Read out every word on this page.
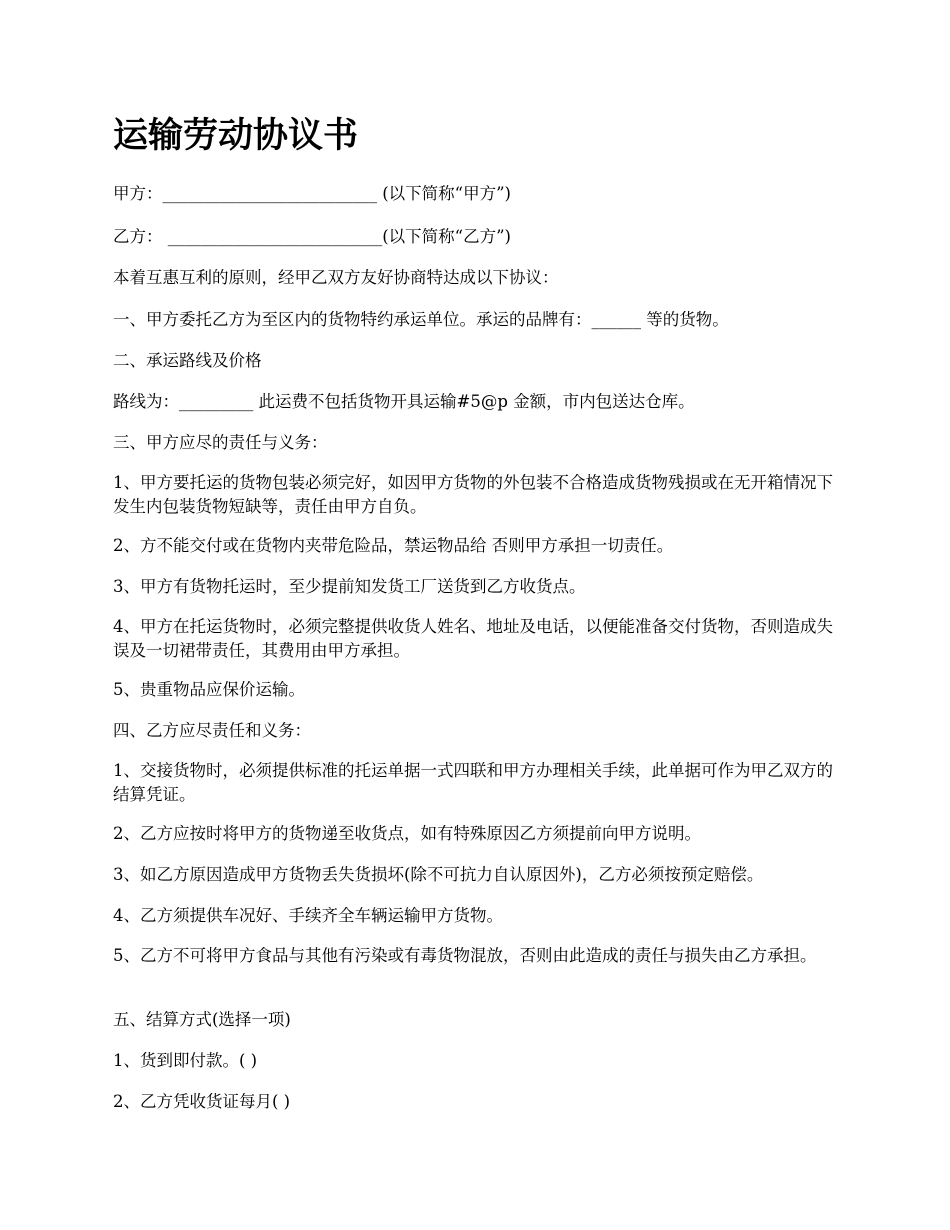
运输劳动协议书

甲方：__________________________ (以下简称“甲方”)

乙方： __________________________(以下简称“乙方”)

本着互惠互利的原则，经甲乙双方友好协商特达成以下协议：

一、甲方委托乙方为至区内的货物特约承运单位。承运的品牌有：______ 等的货物。

二、承运路线及价格

路线为：_________ 此运费不包括货物开具运输#5@p 金额，市内包送达仓库。

三、甲方应尽的责任与义务：

1、甲方要托运的货物包装必须完好，如因甲方货物的外包装不合格造成货物残损或在无开箱情况下发生内包装货物短缺等，责任由甲方自负。

2、方不能交付或在货物内夹带危险品，禁运物品给 否则甲方承担一切责任。

3、甲方有货物托运时，至少提前知发货工厂送货到乙方收货点。

4、甲方在托运货物时，必须完整提供收货人姓名、地址及电话，以便能准备交付货物，否则造成失误及一切裙带责任，其费用由甲方承担。

5、贵重物品应保价运输。

四、乙方应尽责任和义务：

1、交接货物时，必须提供标准的托运单据一式四联和甲方办理相关手续，此单据可作为甲乙双方的结算凭证。

2、乙方应按时将甲方的货物递至收货点，如有特殊原因乙方须提前向甲方说明。

3、如乙方原因造成甲方货物丢失货损坏(除不可抗力自认原因外)，乙方必须按预定赔偿。

4、乙方须提供车况好、手续齐全车辆运输甲方货物。

5、乙方不可将甲方食品与其他有污染或有毒货物混放，否则由此造成的责任与损失由乙方承担。

五、结算方式(选择一项)

1、货到即付款。( )

2、乙方凭收货证每月( )
